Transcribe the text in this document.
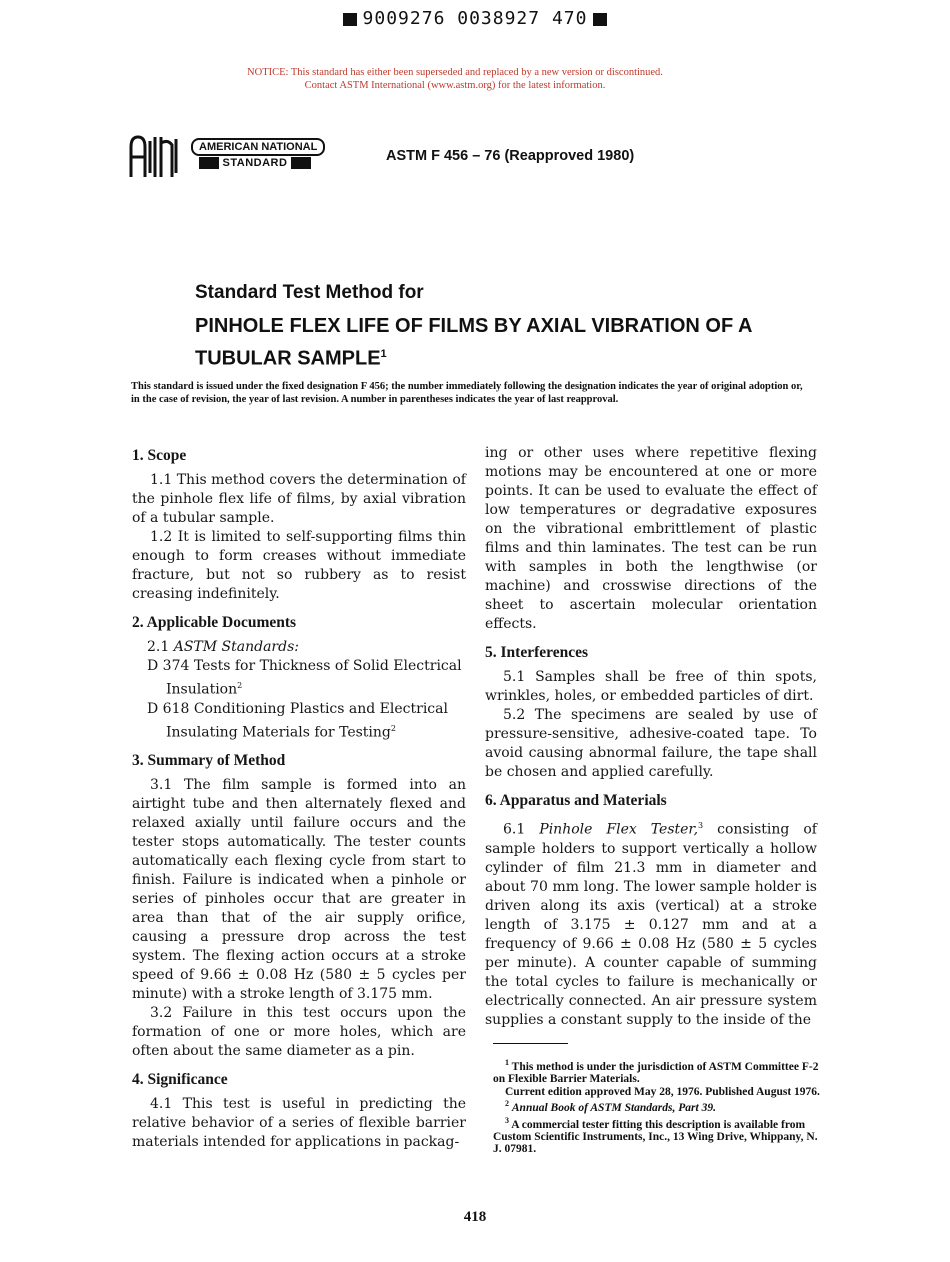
9009276 0038927 470
NOTICE: This standard has either been superseded and replaced by a new version or discontinued.
Contact ASTM International (www.astm.org) for the latest information.
AMERICAN NATIONAL
STANDARD	ASTM F 456 – 76 (Reapproved 1980)
Standard Test Method for
PINHOLE FLEX LIFE OF FILMS BY AXIAL VIBRATION OF A TUBULAR SAMPLE$^1$
This standard is issued under the fixed designation F 456; the number immediately following the designation indicates the year of original adoption or, in the case of revision, the year of last revision. A number in parentheses indicates the year of last reapproval.
1. Scope

1.1 This method covers the determination of the pinhole flex life of films, by axial vibration of a tubular sample.

1.2 It is limited to self-supporting films thin enough to form creases without immediate fracture, but not so rubbery as to resist creasing indefinitely.

2. Applicable Documents

2.1 ASTM Standards:

D 374 Tests for Thickness of Solid Electrical Insulation$^2$

D 618 Conditioning Plastics and Electrical Insulating Materials for Testing$^2$

3. Summary of Method

3.1 The film sample is formed into an airtight tube and then alternately flexed and relaxed axially until failure occurs and the tester stops automatically. The tester counts automatically each flexing cycle from start to finish. Failure is indicated when a pinhole or series of pinholes occur that are greater in area than that of the air supply orifice, causing a pressure drop across the test system. The flexing action occurs at a stroke speed of 9.66 ± 0.08 Hz (580 ± 5 cycles per minute) with a stroke length of 3.175 mm.

3.2 Failure in this test occurs upon the formation of one or more holes, which are often about the same diameter as a pin.

4. Significance

4.1 This test is useful in predicting the relative behavior of a series of flexible barrier materials intended for applications in packag-

ing or other uses where repetitive flexing motions may be encountered at one or more points. It can be used to evaluate the effect of low temperatures or degradative exposures on the vibrational embrittlement of plastic films and thin laminates. The test can be run with samples in both the lengthwise (or machine) and crosswise directions of the sheet to ascertain molecular orientation effects.

5. Interferences

5.1 Samples shall be free of thin spots, wrinkles, holes, or embedded particles of dirt.

5.2 The specimens are sealed by use of pressure-sensitive, adhesive-coated tape. To avoid causing abnormal failure, the tape shall be chosen and applied carefully.

6. Apparatus and Materials

6.1 Pinhole Flex Tester,$^3$ consisting of sample holders to support vertically a hollow cylinder of film 21.3 mm in diameter and about 70 mm long. The lower sample holder is driven along its axis (vertical) at a stroke length of 3.175 ± 0.127 mm and at a frequency of 9.66 ± 0.08 Hz (580 ± 5 cycles per minute). A counter capable of summing the total cycles to failure is mechanically or electrically connected. An air pressure system supplies a constant supply to the inside of the

$^1$ This method is under the jurisdiction of ASTM Committee F-2 on Flexible Barrier Materials.

Current edition approved May 28, 1976. Published August 1976.

$^2$ Annual Book of ASTM Standards, Part 39.

$^3$ A commercial tester fitting this description is available from Custom Scientific Instruments, Inc., 13 Wing Drive, Whippany, N. J. 07981.

418
